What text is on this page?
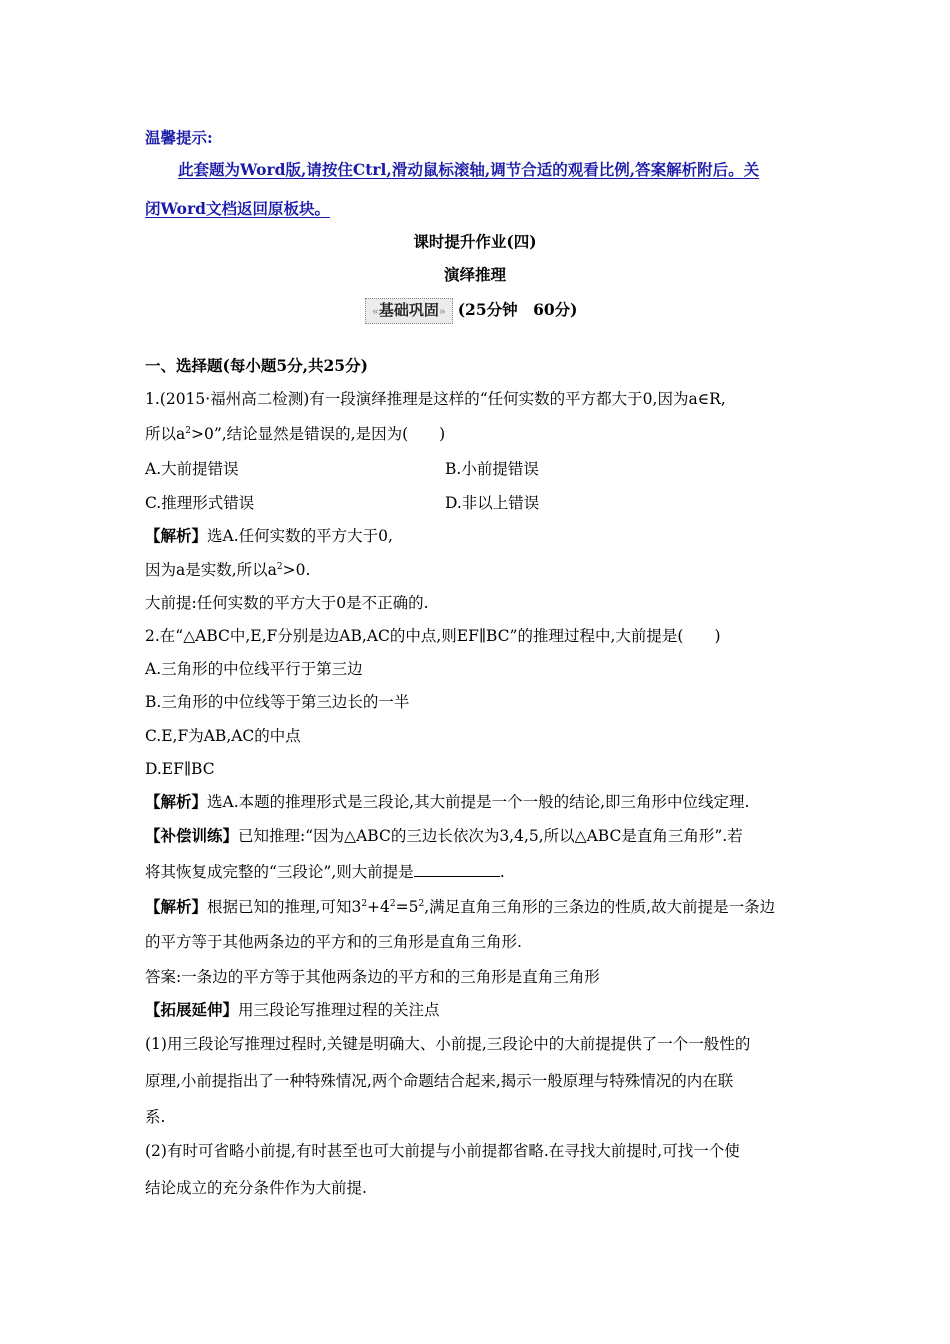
温馨提示:
此套题为Word版,请按住Ctrl,滑动鼠标滚轴,调节合适的观看比例,答案解析附后。关
闭Word文档返回原板块。
课时提升作业(四)
演绎推理
«基础巩固» (25分钟　60分)
一、选择题(每小题5分,共25分)
1.(2015·福州高二检测)有一段演绎推理是这样的“任何实数的平方都大于0,因为a∈R,
所以$a^2>0$”,结论显然是错误的,是因为(　　)
A.大前提错误	B.小前提错误
C.推理形式错误	D.非以上错误
【解析】选A.任何实数的平方大于0,
因为a是实数,所以$a^2>0$.
大前提:任何实数的平方大于0是不正确的.
2.在“△ABC中,E,F分别是边AB,AC的中点,则EF∥BC”的推理过程中,大前提是(　　)
A.三角形的中位线平行于第三边
B.三角形的中位线等于第三边长的一半
C.E,F为AB,AC的中点
D.EF∥BC
【解析】选A.本题的推理形式是三段论,其大前提是一个一般的结论,即三角形中位线定理.
【补偿训练】已知推理:“因为△ABC的三边长依次为3,4,5,所以△ABC是直角三角形”.若
将其恢复成完整的“三段论”,则大前提是	.
【解析】根据已知的推理,可知$3^2+4^2=5^2$,满足直角三角形的三条边的性质,故大前提是一条边
的平方等于其他两条边的平方和的三角形是直角三角形.
答案:一条边的平方等于其他两条边的平方和的三角形是直角三角形
【拓展延伸】用三段论写推理过程的关注点
(1)用三段论写推理过程时,关键是明确大、小前提,三段论中的大前提提供了一个一般性的
原理,小前提指出了一种特殊情况,两个命题结合起来,揭示一般原理与特殊情况的内在联
系.
(2)有时可省略小前提,有时甚至也可大前提与小前提都省略.在寻找大前提时,可找一个使
结论成立的充分条件作为大前提.
